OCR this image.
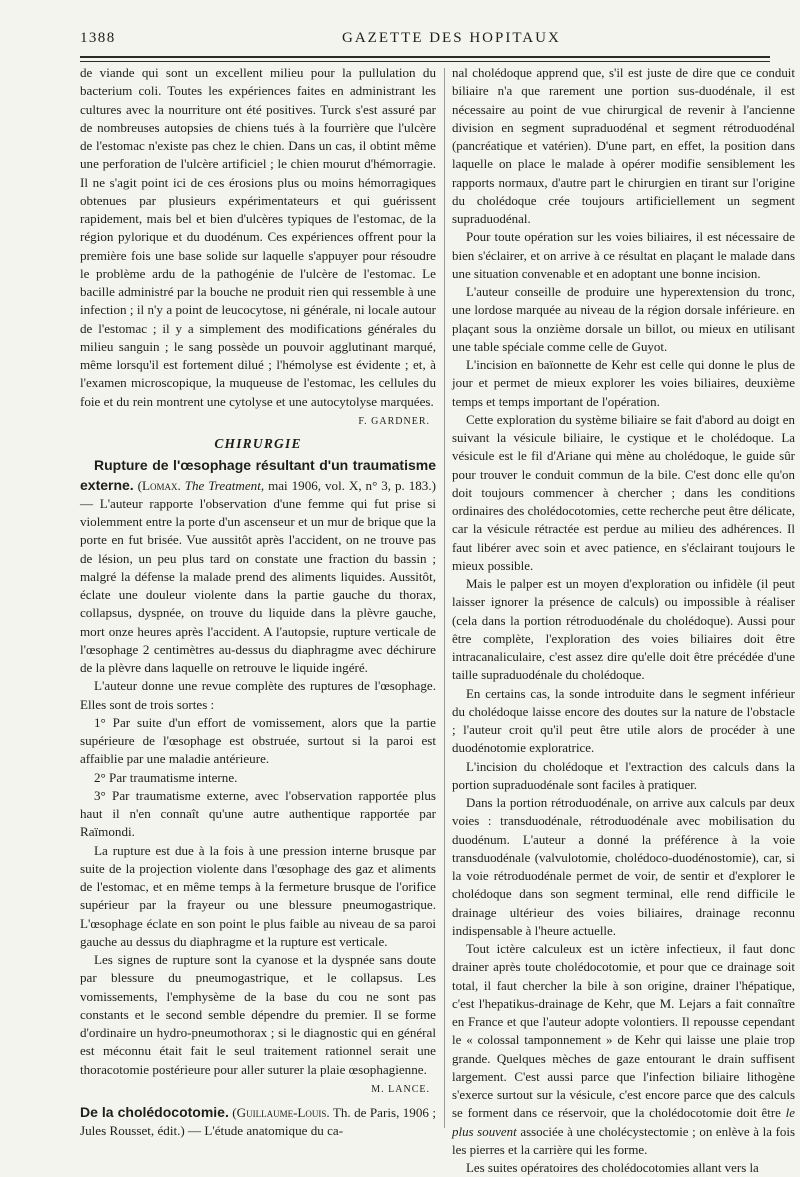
1388	GAZETTE DES HOPITAUX

de viande qui sont un excellent milieu pour la pullulation du bacterium coli. Toutes les expériences faites en administrant les cultures avec la nourriture ont été positives. Turck s'est assuré par de nombreuses autopsies de chiens tués à la fourrière que l'ulcère de l'estomac n'existe pas chez le chien. Dans un cas, il obtint même une perforation de l'ulcère artificiel ; le chien mourut d'hémorragie. Il ne s'agit point ici de ces érosions plus ou moins hémorragiques obtenues par plusieurs expérimentateurs et qui guérissent rapidement, mais bel et bien d'ulcères typiques de l'estomac, de la région pylorique et du duodénum. Ces expériences offrent pour la première fois une base solide sur laquelle s'appuyer pour résoudre le problème ardu de la pathogénie de l'ulcère de l'estomac. Le bacille administré par la bouche ne produit rien qui ressemble à une infection ; il n'y a point de leucocytose, ni générale, ni locale autour de l'estomac ; il y a simplement des modifications générales du milieu sanguin ; le sang possède un pouvoir agglutinant marqué, même lorsqu'il est fortement dilué ; l'hémolyse est évidente ; et, à l'examen microscopique, la muqueuse de l'estomac, les cellules du foie et du rein montrent une cytolyse et une autocytolyse marquées.

F. GARDNER.
CHIRURGIE

Rupture de l'œsophage résultant d'un traumatisme externe. (Lomax. The Treatment, mai 1906, vol. X, n° 3, p. 183.) — L'auteur rapporte l'observation d'une femme qui fut prise si violemment entre la porte d'un ascenseur et un mur de brique que la porte en fut brisée. Vue aussitôt après l'accident, on ne trouve pas de lésion, un peu plus tard on constate une fraction du bassin ; malgré la défense la malade prend des aliments liquides. Aussitôt, éclate une douleur violente dans la partie gauche du thorax, collapsus, dyspnée, on trouve du liquide dans la plèvre gauche, mort onze heures après l'accident. A l'autopsie, rupture verticale de l'œsophage 2 centimètres au-dessus du diaphragme avec déchirure de la plèvre dans laquelle on retrouve le liquide ingéré.

L'auteur donne une revue complète des ruptures de l'œsophage. Elles sont de trois sortes :

1° Par suite d'un effort de vomissement, alors que la partie supérieure de l'œsophage est obstruée, surtout si la paroi est affaiblie par une maladie antérieure.

2° Par traumatisme interne.

3° Par traumatisme externe, avec l'observation rapportée plus haut il n'en connaît qu'une autre authentique rapportée par Raïmondi.

La rupture est due à la fois à une pression interne brusque par suite de la projection violente dans l'œsophage des gaz et aliments de l'estomac, et en même temps à la fermeture brusque de l'orifice supérieur par la frayeur ou une blessure pneumogastrique. L'œsophage éclate en son point le plus faible au niveau de sa paroi gauche au dessus du diaphragme et la rupture est verticale.

Les signes de rupture sont la cyanose et la dyspnée sans doute par blessure du pneumogastrique, et le collapsus. Les vomissements, l'emphysème de la base du cou ne sont pas constants et le second semble dépendre du premier. Il se forme d'ordinaire un hydro-pneumothorax ; si le diagnostic qui en général est méconnu était fait le seul traitement rationnel serait une thoracotomie postérieure pour aller suturer la plaie œsophagienne.

M. LANCE.

De la cholédocotomie. (Guillaume-Louis. Th. de Paris, 1906 ; Jules Rousset, édit.) — L'étude anatomique du ca-

nal cholédoque apprend que, s'il est juste de dire que ce conduit biliaire n'a que rarement une portion sus-duodénale, il est nécessaire au point de vue chirurgical de revenir à l'ancienne division en segment supraduodénal et segment rétroduodénal (pancréatique et vatérien). D'une part, en effet, la position dans laquelle on place le malade à opérer modifie sensiblement les rapports normaux, d'autre part le chirurgien en tirant sur l'origine du cholédoque crée toujours artificiellement un segment supraduodénal.

Pour toute opération sur les voies biliaires, il est nécessaire de bien s'éclairer, et on arrive à ce résultat en plaçant le malade dans une situation convenable et en adoptant une bonne incision.

L'auteur conseille de produire une hyperextension du tronc, une lordose marquée au niveau de la région dorsale inférieure. en plaçant sous la onzième dorsale un billot, ou mieux en utilisant une table spéciale comme celle de Guyot.

L'incision en baïonnette de Kehr est celle qui donne le plus de jour et permet de mieux explorer les voies biliaires, deuxième temps et temps important de l'opération.

Cette exploration du système biliaire se fait d'abord au doigt en suivant la vésicule biliaire, le cystique et le cholédoque. La vésicule est le fil d'Ariane qui mène au cholédoque, le guide sûr pour trouver le conduit commun de la bile. C'est donc elle qu'on doit toujours commencer à chercher ; dans les conditions ordinaires des cholédocotomies, cette recherche peut être délicate, car la vésicule rétractée est perdue au milieu des adhérences. Il faut libérer avec soin et avec patience, en s'éclairant toujours le mieux possible.

Mais le palper est un moyen d'exploration ou infidèle (il peut laisser ignorer la présence de calculs) ou impossible à réaliser (cela dans la portion rétroduodénale du cholédoque). Aussi pour être complète, l'exploration des voies biliaires doit être intracanaliculaire, c'est assez dire qu'elle doit être précédée d'une taille supraduodénale du cholédoque.

En certains cas, la sonde introduite dans le segment inférieur du cholédoque laisse encore des doutes sur la nature de l'obstacle ; l'auteur croit qu'il peut être utile alors de procéder à une duodénotomie exploratrice.

L'incision du cholédoque et l'extraction des calculs dans la portion supraduodénale sont faciles à pratiquer.

Dans la portion rétroduodénale, on arrive aux calculs par deux voies : transduodénale, rétroduodénale avec mobilisation du duodénum. L'auteur a donné la préférence à la voie transduodénale (valvulotomie, cholédoco-duodénostomie), car, si la voie rétroduodénale permet de voir, de sentir et d'explorer le cholédoque dans son segment terminal, elle rend difficile le drainage ultérieur des voies biliaires, drainage reconnu indispensable à l'heure actuelle.

Tout ictère calculeux est un ictère infectieux, il faut donc drainer après toute cholédocotomie, et pour que ce drainage soit total, il faut chercher la bile à son origine, drainer l'hépatique, c'est l'hepatikus-drainage de Kehr, que M. Lejars a fait connaître en France et que l'auteur adopte volontiers. Il repousse cependant le « colossal tamponnement » de Kehr qui laisse une plaie trop grande. Quelques mèches de gaze entourant le drain suffisent largement. C'est aussi parce que l'infection biliaire lithogène s'exerce surtout sur la vésicule, c'est encore parce que des calculs se forment dans ce réservoir, que la cholédocotomie doit être le plus souvent associée à une cholécystectomie ; on enlève à la fois les pierres et la carrière qui les forme.

Les suites opératoires des cholédocotomies allant vers la
